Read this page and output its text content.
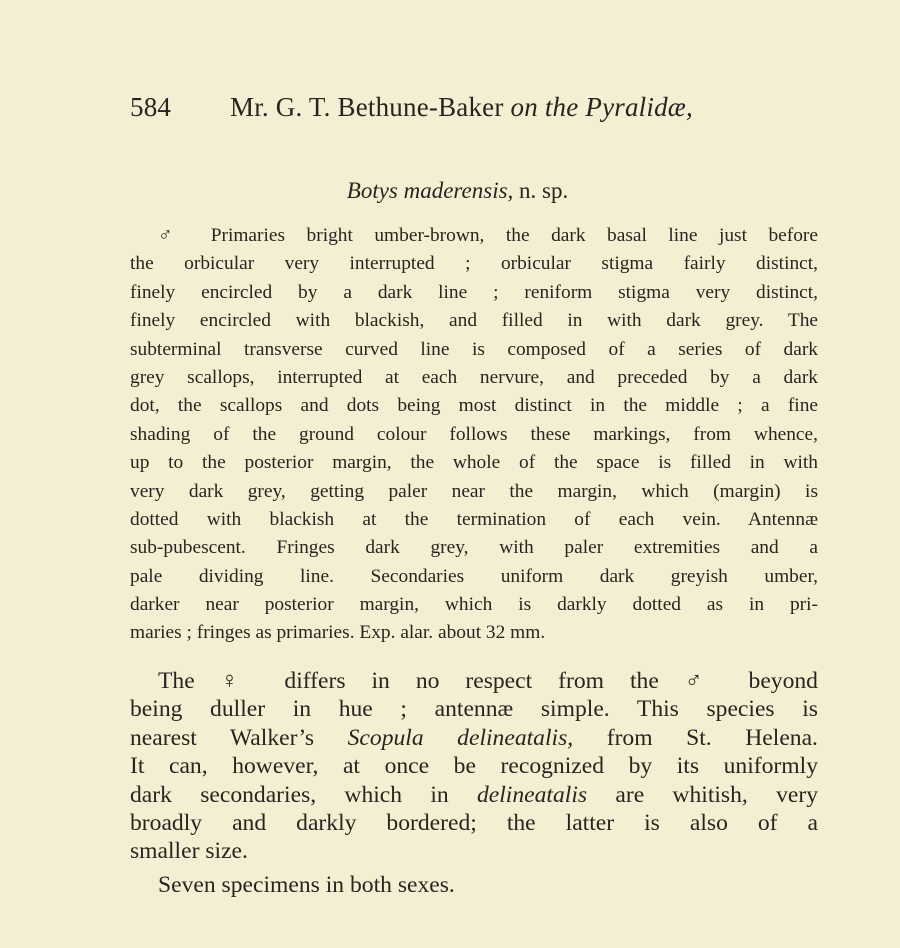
584 Mr. G. T. Bethune-Baker on the Pyralidæ,
Botys maderensis, n. sp.
♂ Primaries bright umber-brown, the dark basal line just before
the orbicular very interrupted ; orbicular stigma fairly distinct,
finely encircled by a dark line ; reniform stigma very distinct,
finely encircled with blackish, and filled in with dark grey. The
subterminal transverse curved line is composed of a series of dark
grey scallops, interrupted at each nervure, and preceded by a dark
dot, the scallops and dots being most distinct in the middle ; a fine
shading of the ground colour follows these markings, from whence,
up to the posterior margin, the whole of the space is filled in with
very dark grey, getting paler near the margin, which (margin) is
dotted with blackish at the termination of each vein. Antennæ
sub-pubescent. Fringes dark grey, with paler extremities and a
pale dividing line. Secondaries uniform dark greyish umber,
darker near posterior margin, which is darkly dotted as in pri-
maries ; fringes as primaries. Exp. alar. about 32 mm.
The ♀ differs in no respect from the ♂ beyond
being duller in hue ; antennæ simple. This species is
nearest Walker’s Scopula delineatalis, from St. Helena.
It can, however, at once be recognized by its uniformly
dark secondaries, which in delineatalis are whitish, very
broadly and darkly bordered; the latter is also of a
smaller size.
Seven specimens in both sexes.
